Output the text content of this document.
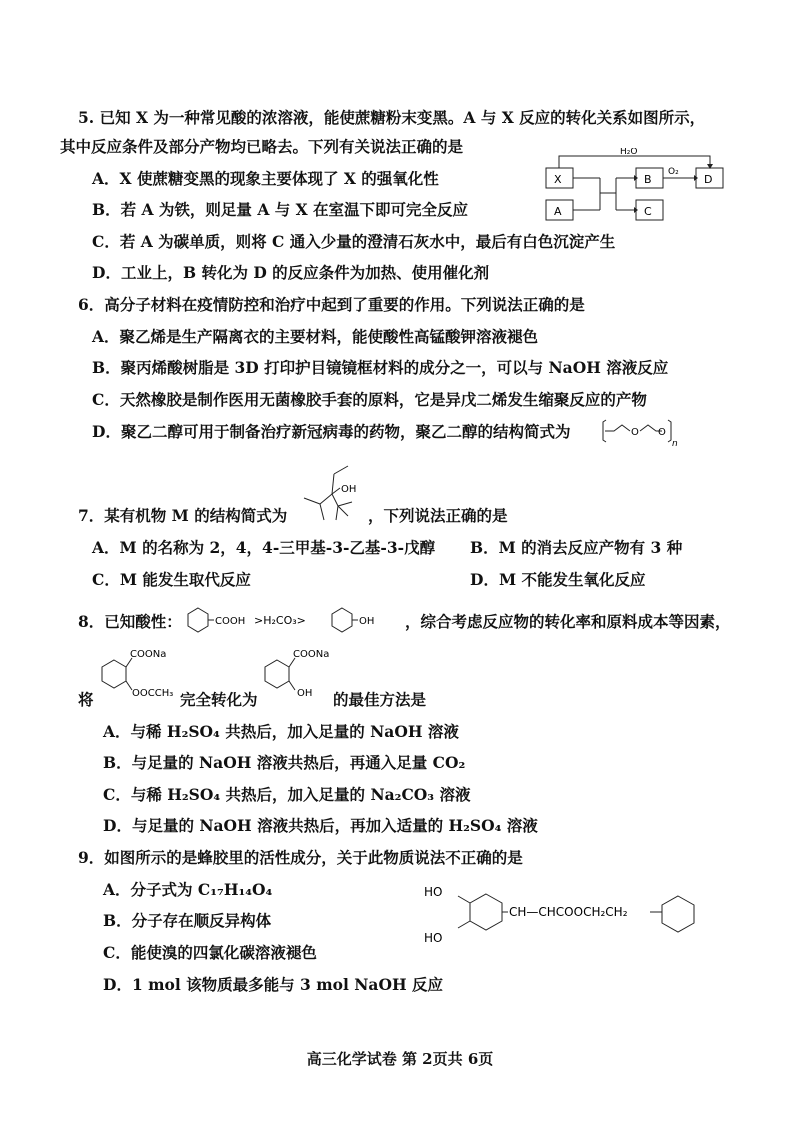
5. 已知 X 为一种常见酸的浓溶液，能使蔗糖粉末变黑。A 与 X 反应的转化关系如图所示，
其中反应条件及部分产物均已略去。下列有关说法正确的是
X
A
B
C
D
H₂O
O₂
A．X 使蔗糖变黑的现象主要体现了 X 的强氧化性
B．若 A 为铁，则足量 A 与 X 在室温下即可完全反应
C．若 A 为碳单质，则将 C 通入少量的澄清石灰水中，最后有白色沉淀产生
D．工业上，B 转化为 D 的反应条件为加热、使用催化剂
6．高分子材料在疫情防控和治疗中起到了重要的作用。下列说法正确的是
A．聚乙烯是生产隔离衣的主要材料，能使酸性高锰酸钾溶液褪色
B．聚丙烯酸树脂是 3D 打印护目镜镜框材料的成分之一，可以与 NaOH 溶液反应
C．天然橡胶是制作医用无菌橡胶手套的原料，它是异戊二烯发生缩聚反应的产物
D．聚乙二醇可用于制备治疗新冠病毒的药物，聚乙二醇的结构简式为	O O
n
OH
7．某有机物 M 的结构简式为	，下列说法正确的是
A．M 的名称为 2，4，4-三甲基-3-乙基-3-戊醇 B．M 的消去反应产物有 3 种
C．M 能发生取代反应	D．M 不能发生氧化反应
8．已知酸性：	COOH >H₂CO₃>	OH ，综合考虑反应物的转化率和原料成本等因素，
将
COONa
OOCCH₃ 完全转化为
COONa
OH 的最佳方法是
A．与稀 H₂SO₄ 共热后，加入足量的 NaOH 溶液
B．与足量的 NaOH 溶液共热后，再通入足量 CO₂
C．与稀 H₂SO₄ 共热后，加入足量的 Na₂CO₃ 溶液
D．与足量的 NaOH 溶液共热后，再加入适量的 H₂SO₄ 溶液
9．如图所示的是蜂胶里的活性成分，关于此物质说法不正确的是
A．分子式为 C₁₇H₁₄O₄
B．分子存在顺反异构体
C．能使溴的四氯化碳溶液褪色
D．1 mol 该物质最多能与 3 mol NaOH 反应
HO
HO
CH—CHCOOCH₂CH₂
高三化学试卷 第 2页共 6页
